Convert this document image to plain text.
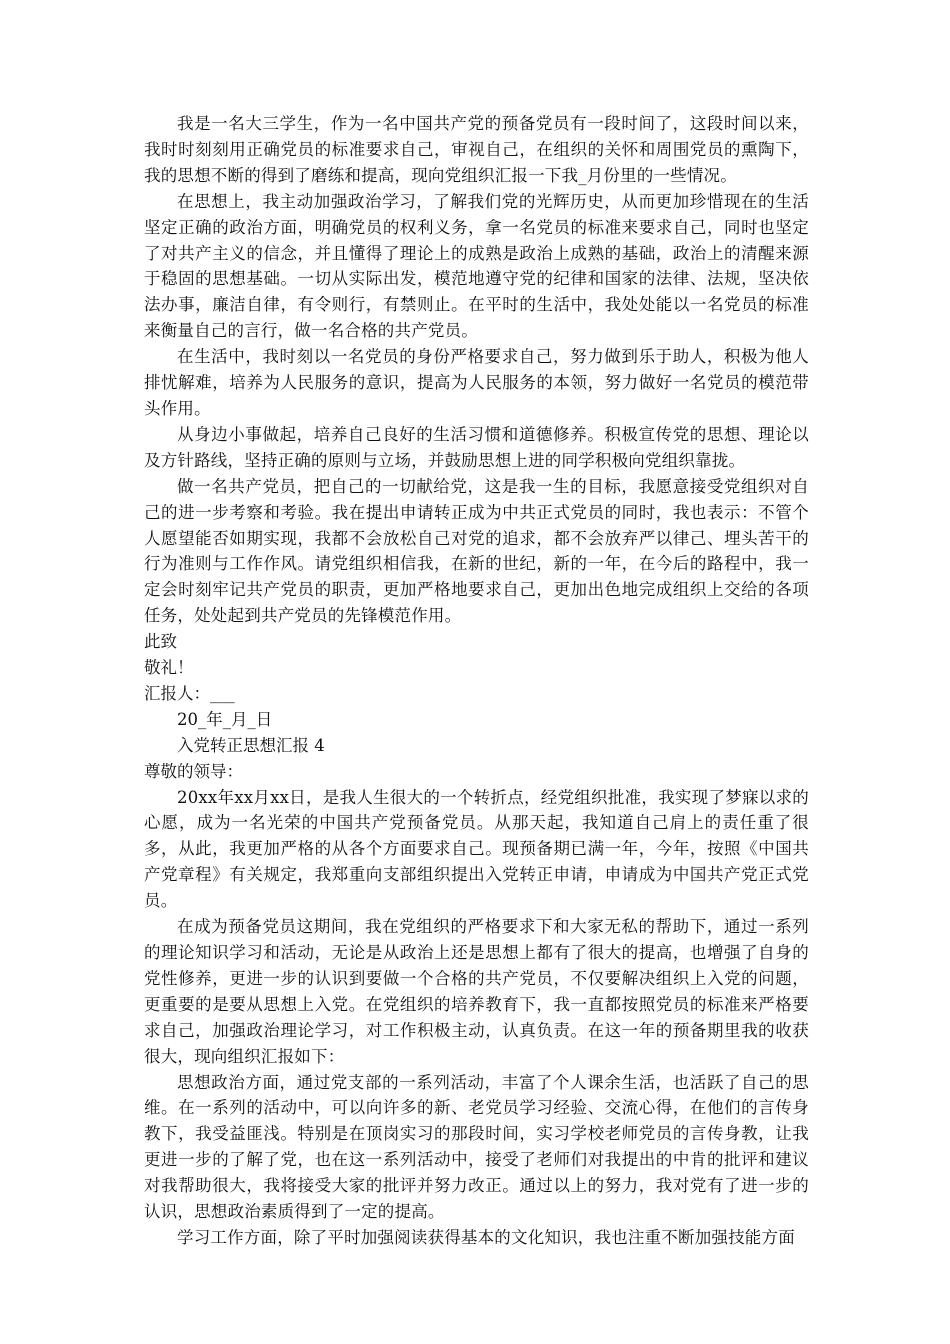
我是一名大三学生，作为一名中国共产党的预备党员有一段时间了，这段时间以来，我时时刻刻用正确党员的标准要求自己，审视自己，在组织的关怀和周围党员的熏陶下，我的思想不断的得到了磨练和提高，现向党组织汇报一下我_月份里的一些情况。

在思想上，我主动加强政治学习，了解我们党的光辉历史，从而更加珍惜现在的生活坚定正确的政治方面，明确党员的权利义务，拿一名党员的标准来要求自己，同时也坚定了对共产主义的信念，并且懂得了理论上的成熟是政治上成熟的基础，政治上的清醒来源于稳固的思想基础。一切从实际出发，模范地遵守党的纪律和国家的法律、法规，坚决依法办事，廉洁自律，有令则行，有禁则止。在平时的生活中，我处处能以一名党员的标准来衡量自己的言行，做一名合格的共产党员。

在生活中，我时刻以一名党员的身份严格要求自己，努力做到乐于助人，积极为他人排忧解难，培养为人民服务的意识，提高为人民服务的本领，努力做好一名党员的模范带头作用。

从身边小事做起，培养自己良好的生活习惯和道德修养。积极宣传党的思想、理论以及方针路线，坚持正确的原则与立场，并鼓励思想上进的同学积极向党组织靠拢。

做一名共产党员，把自己的一切献给党，这是我一生的目标，我愿意接受党组织对自己的进一步考察和考验。我在提出申请转正成为中共正式党员的同时，我也表示：不管个人愿望能否如期实现，我都不会放松自己对党的追求，都不会放弃严以律己、埋头苦干的行为准则与工作作风。请党组织相信我，在新的世纪，新的一年，在今后的路程中，我一定会时刻牢记共产党员的职责，更加严格地要求自己，更加出色地完成组织上交给的各项任务，处处起到共产党员的先锋模范作用。

此致

敬礼！

汇报人：___

20_年_月_日

入党转正思想汇报 4

尊敬的领导：

20xx年xx月xx日，是我人生很大的一个转折点，经党组织批准，我实现了梦寐以求的心愿，成为一名光荣的中国共产党预备党员。从那天起，我知道自己肩上的责任重了很多，从此，我更加严格的从各个方面要求自己。现预备期已满一年，今年，按照《中国共产党章程》有关规定，我郑重向支部组织提出入党转正申请，申请成为中国共产党正式党员。

在成为预备党员这期间，我在党组织的严格要求下和大家无私的帮助下，通过一系列的理论知识学习和活动，无论是从政治上还是思想上都有了很大的提高，也增强了自身的党性修养，更进一步的认识到要做一个合格的共产党员，不仅要解决组织上入党的问题，更重要的是要从思想上入党。在党组织的培养教育下，我一直都按照党员的标准来严格要求自己，加强政治理论学习，对工作积极主动，认真负责。在这一年的预备期里我的收获很大，现向组织汇报如下：

思想政治方面，通过党支部的一系列活动，丰富了个人课余生活，也活跃了自己的思维。在一系列的活动中，可以向许多的新、老党员学习经验、交流心得，在他们的言传身教下，我受益匪浅。特别是在顶岗实习的那段时间，实习学校老师党员的言传身教，让我更进一步的了解了党，也在这一系列活动中，接受了老师们对我提出的中肯的批评和建议对我帮助很大，我将接受大家的批评并努力改正。通过以上的努力，我对党有了进一步的认识，思想政治素质得到了一定的提高。

学习工作方面，除了平时加强阅读获得基本的文化知识，我也注重不断加强技能方面
